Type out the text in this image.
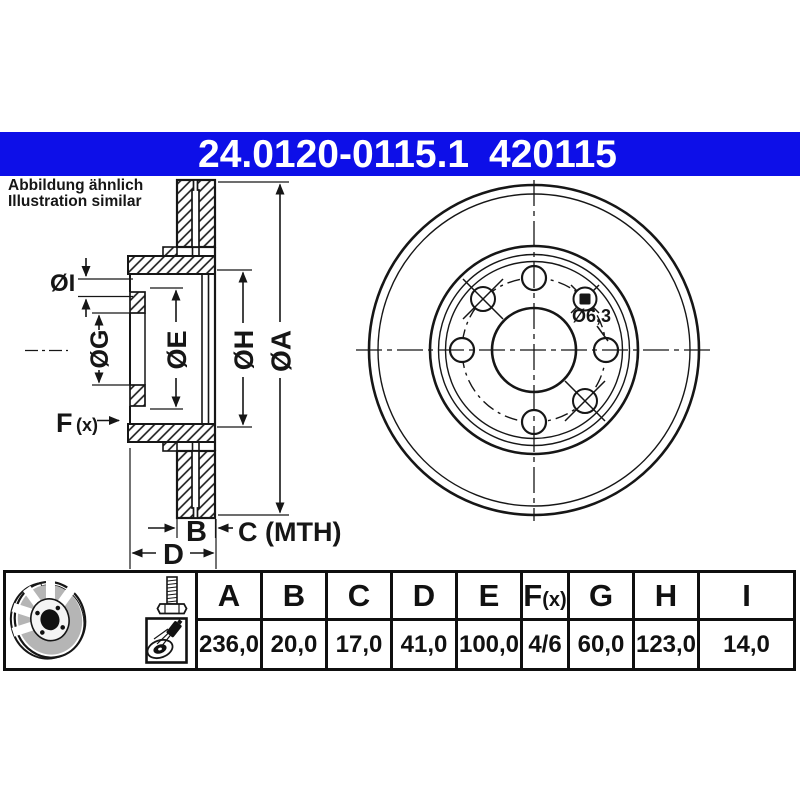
24.0120-0115.1 420115
Abbildung ähnlich
Illustration similar
ØI
ØG ØE ØH ØA
F (x)
B C (MTH)
D
Ø6,3
	A	B	C	D	E	F(x)	G	H	I
	236,0	20,0	17,0	41,0	100,0	4/6	60,0	123,0	14,0
